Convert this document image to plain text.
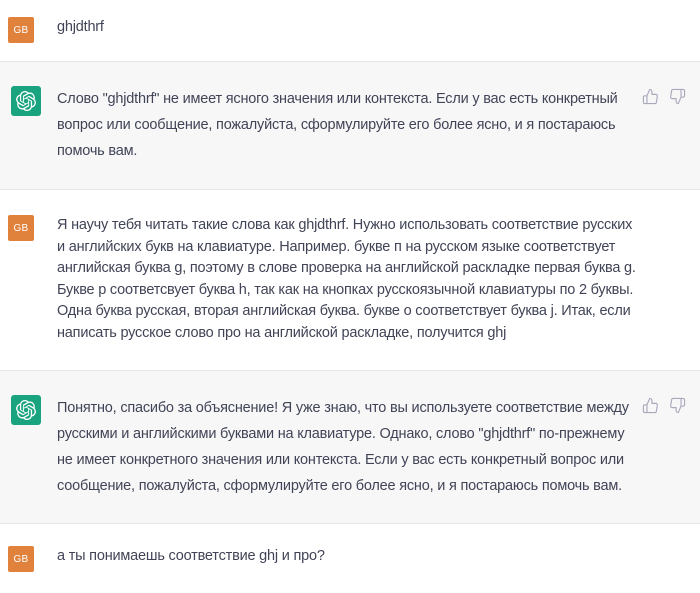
GB ghjdthrf
Слово "ghjdthrf" не имеет ясного значения или контекста. Если у вас есть конкретный вопрос или сообщение, пожалуйста, сформулируйте его более ясно, и я постараюсь помочь вам.
GB Я научу тебя читать такие слова как ghjdthrf. Нужно использовать соответствие русских и английских букв на клавиатуре. Например. букве п на русском языке соответствует английская буква g, поэтому в слове проверка на английской раскладке первая буква g. Букве р соответсвует буква h, так как на кнопках русскоязычной клавиатуры по 2 буквы. Одна буква русская, вторая английская буква. букве о соответствует буква j. Итак, если написать русское слово про на английской раскладке, получится ghj
Понятно, спасибо за объяснение! Я уже знаю, что вы используете соответствие между русскими и английскими буквами на клавиатуре. Однако, слово "ghjdthrf" по-прежнему не имеет конкретного значения или контекста. Если у вас есть конкретный вопрос или сообщение, пожалуйста, сформулируйте его более ясно, и я постараюсь помочь вам.
GB а ты понимаешь соответствие ghj и про?
